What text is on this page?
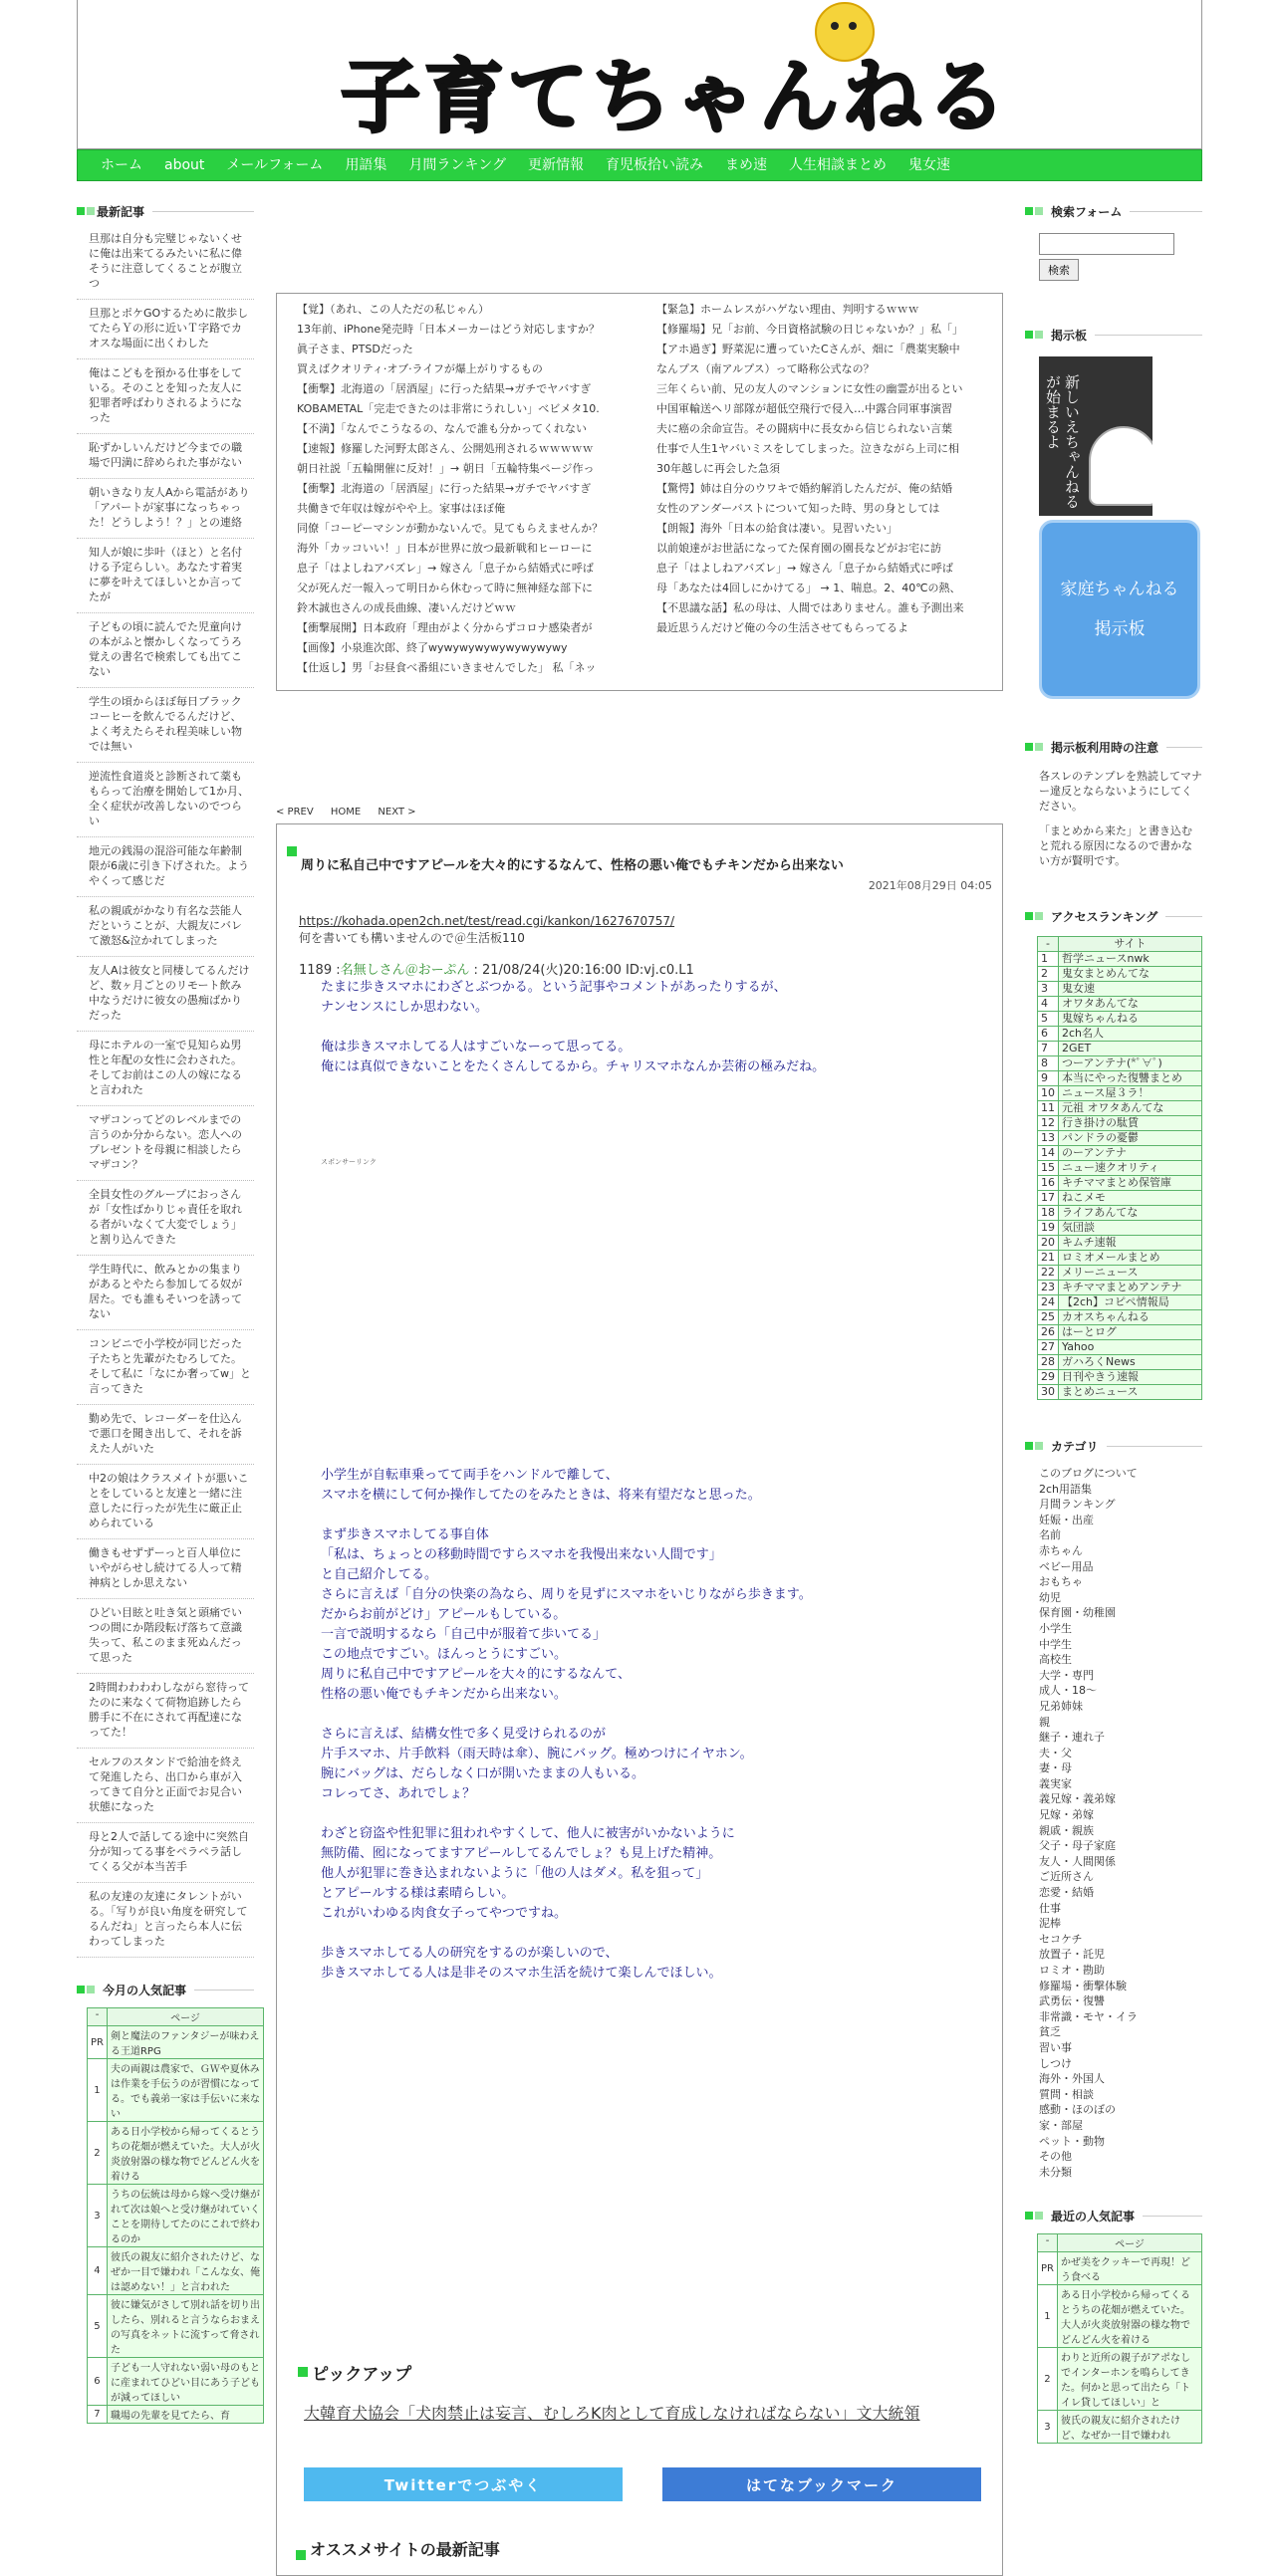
子育てちゃんねる
ホーム	about	メールフォーム	用語集	月間ランキング	更新情報	育児板拾い読み	まめ速	人生相談まとめ	鬼女速
最新記事
旦那は自分も完璧じゃないくせに俺は出来てるみたいに私に偉そうに注意してくることが腹立つ
旦那とポケGOするために散歩してたらＹの形に近いＴ字路でカオスな場面に出くわした
俺はこどもを預かる仕事をしている。そのことを知った友人に犯罪者呼ばわりされるようになった
恥ずかしいんだけど今までの職場で円満に辞められた事がない
朝いきなり友人Aから電話があり「アパートが家事になっちゃった！どうしよう！？」との連絡
知人が娘に歩叶（ほと）と名付ける予定らしい。あなたす着実に夢を叶えてほしいとか言ってたが
子どもの頃に読んでた児童向けの本がふと懐かしくなってうろ覚えの書名で検索しても出てこない
学生の頃からほぼ毎日ブラックコーヒーを飲んでるんだけど、よく考えたらそれ程美味しい物では無い
逆流性食道炎と診断されて薬ももらって治療を開始して1か月、全く症状が改善しないのでつらい
地元の銭湯の混浴可能な年齢制限が6歳に引き下げされた。ようやくって感じだ
私の親戚がかなり有名な芸能人だということが、大親友にバレて激怒&泣かれてしまった
友人Aは彼女と同棲してるんだけど、数ヶ月ごとのリモート飲み中なうだけに彼女の愚痴ばかりだった
母にホテルの一室で見知らぬ男性と年配の女性に会わされた。そしてお前はこの人の嫁になると言われた
マザコンってどのレベルまでの言うのか分からない。恋人へのプレゼントを母親に相談したらマザコン？
全員女性のグループにおっさんが「女性ばかりじゃ責任を取れる者がいなくて大変でしょう」と割り込んできた
学生時代に、飲みとかの集まりがあるとやたら参加してる奴が居た。でも誰もそいつを誘ってない
コンビニで小学校が同じだった子たちと先輩がたむろしてた。そして私に「なにか奢ってw」と言ってきた
勤め先で、レコーダーを仕込んで悪口を聞き出して、それを訴えた人がいた
中2の娘はクラスメイトが悪いことをしていると友達と一緒に注意したに行ったが先生に厳正止められている
働きもせずずーっと百人単位にいやがらせし続けてる人って精神病としか思えない
ひどい目眩と吐き気と頭痛でいつの間にか階段転げ落ちて意識失って、私このまま死ぬんだって思った
2時間わわわわしながら窓待ってたのに来なくて荷物追跡したら勝手に不在にされて再配達になってた！
セルフのスタンドで給油を終えて発進したら、出口から車が入ってきて自分と正面でお見合い状態になった
母と2人で話してる途中に突然自分が知ってる事をペラペラ話してくる父が本当苦手
私の友達の友達にタレントがいる。「写りが良い角度を研究してるんだね」と言ったら本人に伝わってしまった
今月の人気記事
-	ページ
PR	剣と魔法のファンタジーが味わえる王道RPG
1	夫の両親は農家で、ＧＷや夏休みは作業を手伝うのが習慣になってる。でも義弟一家は手伝いに来ない
2	ある日小学校から帰ってくるとうちの花畑が燃えていた。大人が火炎放射器の様な物でどんどん火を着ける
3	うちの伝統は母から嫁へ受け継がれて次は娘へと受け継がれていくことを期待してたのにこれで終わるのか
4	彼氏の親友に紹介されたけど、なぜか一目で嫌われ「こんな女、俺は認めない！」と言われた
5	彼に嫌気がさして別れ話を切り出したら、別れると言うならおまえの写真をネットに流すって脅された
6	子ども一人守れない弱い母のもとに産まれてひどい目にあう子どもが減ってほしい
7	職場の先輩を見てたら、育
【覚】（あれ、この人ただの私じゃん）
13年前、iPhone発売時「日本メーカーはどう対応しますか？
眞子さま、PTSDだった
買えばクオリティ·オブ·ライフが爆上がりするもの
【衝撃】北海道の「居酒屋」に行った結果→ガチでヤバすぎ
KOBAMETAL「完走できたのは非常にうれしい」べビメタ10.
【不満】「なんでこうなるの、なんで誰も分かってくれない
【速報】修羅した河野太郎さん、公開処刑されるｗｗｗｗｗ
朝日社説「五輪開催に反対！」→ 朝日「五輪特集ページ作っ
【衝撃】北海道の「居酒屋」に行った結果→ガチでヤバすぎ
共働きで年収は嫁がやや上。家事はほぼ俺
同僚「コーピーマシンが動かないんで。見てもらえませんか？
海外「カッコいい！」日本が世界に放つ最新戦和ヒーローに
息子「はよしねアバズレ」→ 嫁さん「息子から結婚式に呼ば
父が死んだ一報入って明日から休むって時に無神経な部下に
鈴木誠也さんの成長曲線、凄いんだけどｗｗ
【衝撃展開】日本政府「理由がよく分からずコロナ感染者が
【画像】小泉進次郎、終了wywywywywywywywywy
【仕返し】男「お昼食べ番組にいきませんでした」 私「ネッ
【緊急】ホームレスがハゲない理由、判明するｗｗｗ
【修羅場】兄「お前、今日資格試験の日じゃないか？」私「」
【アホ過ぎ】野菜泥に遭っていたCさんが、畑に「農薬実験中
なんプス（南アルプス）って略称公式なの？
三年くらい前、兄の友人のマンションに女性の幽霊が出るとい
中国軍輸送ヘリ部隊が超低空飛行で侵入…中露合同軍事演習
夫に癌の余命宣告。その闘病中に長女から信じられない言葉
仕事で人生1ヤバいミスをしてしまった。泣きながら上司に相
30年越しに再会した急須
【驚愕】姉は自分のウワキで婚約解消したんだが、俺の結婚
女性のアンダーバストについて知った時、男の身としては
【朗報】海外「日本の給食は凄い。見習いたい」
以前娘達がお世話になってた保育園の園長などがお宅に訪
息子「はよしねアバズレ」→ 嫁さん「息子から結婚式に呼ば
母「あなたは4回しにかけてる」 → 1、喘息。2、40℃の熱、
【不思議な話】私の母は、人間ではありません。誰も予測出来
最近思うんだけど俺の今の生活させてもらってるよ
< PREV HOME NEXT >
周りに私自己中ですアピールを大々的にするなんて、性格の悪い俺でもチキンだから出来ない
2021年08月29日 04:05
https://kohada.open2ch.net/test/read.cgi/kankon/1627670757/
何を書いても構いませんので＠生活板110
1189 :名無しさん＠おーぷん : 21/08/24(火)20:16:00 ID:vj.c0.L1
たまに歩きスマホにわざとぶつかる。という記事やコメントがあったりするが、
ナンセンスにしか思わない。

俺は歩きスマホしてる人はすごいなーって思ってる。
俺には真似できないことをたくさんしてるから。チャリスマホなんか芸術の極みだね。
スポンサーリンク
小学生が自転車乗ってて両手をハンドルで離して、
スマホを横にして何か操作してたのをみたときは、将来有望だなと思った。

まず歩きスマホしてる事自体
「私は、ちょっとの移動時間ですらスマホを我慢出来ない人間です」
と自己紹介してる。
さらに言えば「自分の快楽の為なら、周りを見ずにスマホをいじりながら歩きます。
だからお前がどけ」アピールもしている。
一言で説明するなら「自己中が服着て歩いてる」
この地点ですごい。ほんっとうにすごい。
周りに私自己中ですアピールを大々的にするなんて、
性格の悪い俺でもチキンだから出来ない。

さらに言えば、結構女性で多く見受けられるのが
片手スマホ、片手飲料（雨天時は傘）、腕にバッグ。極めつけにイヤホン。
腕にバッグは、だらしなく口が開いたままの人もいる。
コレってさ、あれでしょ？

わざと窃盗や性犯罪に狙われやすくして、他人に被害がいかないように
無防備、囮になってますアピールしてるんでしょ？も見上げた精神。
他人が犯罪に巻き込まれないように「他の人はダメ。私を狙って」
とアピールする様は素晴らしい。
これがいわゆる肉食女子ってやつですね。

歩きスマホしてる人の研究をするのが楽しいので、
歩きスマホしてる人は是非そのスマホ生活を続けて楽しんでほしい。
ピックアップ
大韓育犬協会「犬肉禁止は妄言、むしろK肉として育成しなければならない」文大統領
Twitterでつぶやく	はてなブックマーク
オススメサイトの最新記事
検索フォーム
検索
掲示板
新しいえちゃんねるが始まるよ
家庭ちゃんねる
掲示板
掲示板利用時の注意
各スレのテンプレを熟読してマナー違反とならないようにしてください。
「まとめから来た」と書き込むと荒れる原因になるので書かない方が賢明です。
アクセスランキング
-	サイト
1	哲学ニュースnwk
2	鬼女まとめんてな
3	鬼女速
4	オワタあんてな
5	鬼嫁ちゃんねる
6	2ch名人
7	2GET
8	つーアンテナ(*ﾟ∀ﾟ)
9	本当にやった復讐まとめ
10	ニュース屋３ラ！
11	元祖 オワタあんてな
12	行き掛けの駄賃
13	パンドラの憂鬱
14	のーアンテナ
15	ニュー速クオリティ
16	キチママまとめ保管庫
17	ねこメモ
18	ライフあんてな
19	気団談
20	キムチ速報
21	ロミオメールまとめ
22	メリーニュース
23	キチママまとめアンテナ
24	【2ch】コピペ情報局
25	カオスちゃんねる
26	はーとログ
27	Yahoo
28	ガハろくNews
29	日刊やきう速報
30	まとめニュース
カテゴリ
このブログについて
2ch用語集
月間ランキング
妊娠・出産
名前
赤ちゃん
ベビー用品
おもちゃ
幼児
保育園・幼稚園
小学生
中学生
高校生
大学・専門
成人・18～
兄弟姉妹
親
継子・連れ子
夫・父
妻・母
義実家
義兄嫁・義弟嫁
兄嫁・弟嫁
親戚・親族
父子・母子家庭
友人・人間関係
ご近所さん
恋愛・結婚
仕事
泥棒
セコケチ
放置子・託児
ロミオ・勘助
修羅場・衝撃体験
武勇伝・復讐
非常識・モヤ・イラ
貧乏
習い事
しつけ
海外・外国人
質問・相談
感動・ほのぼの
家・部屋
ペット・動物
その他
未分類
最近の人気記事
-	ページ
PR	かぜ美をクッキーで再現！どう食べる
1	ある日小学校から帰ってくるとうちの花畑が燃えていた。大人が火炎放射器の様な物でどんどん火を着ける
2	わりと近所の親子がアポなしでインターホンを鳴らしてきた。何かと思って出たら「トイレ貸してほしい」と
3	彼氏の親友に紹介されたけど、なぜか一目で嫌われ
